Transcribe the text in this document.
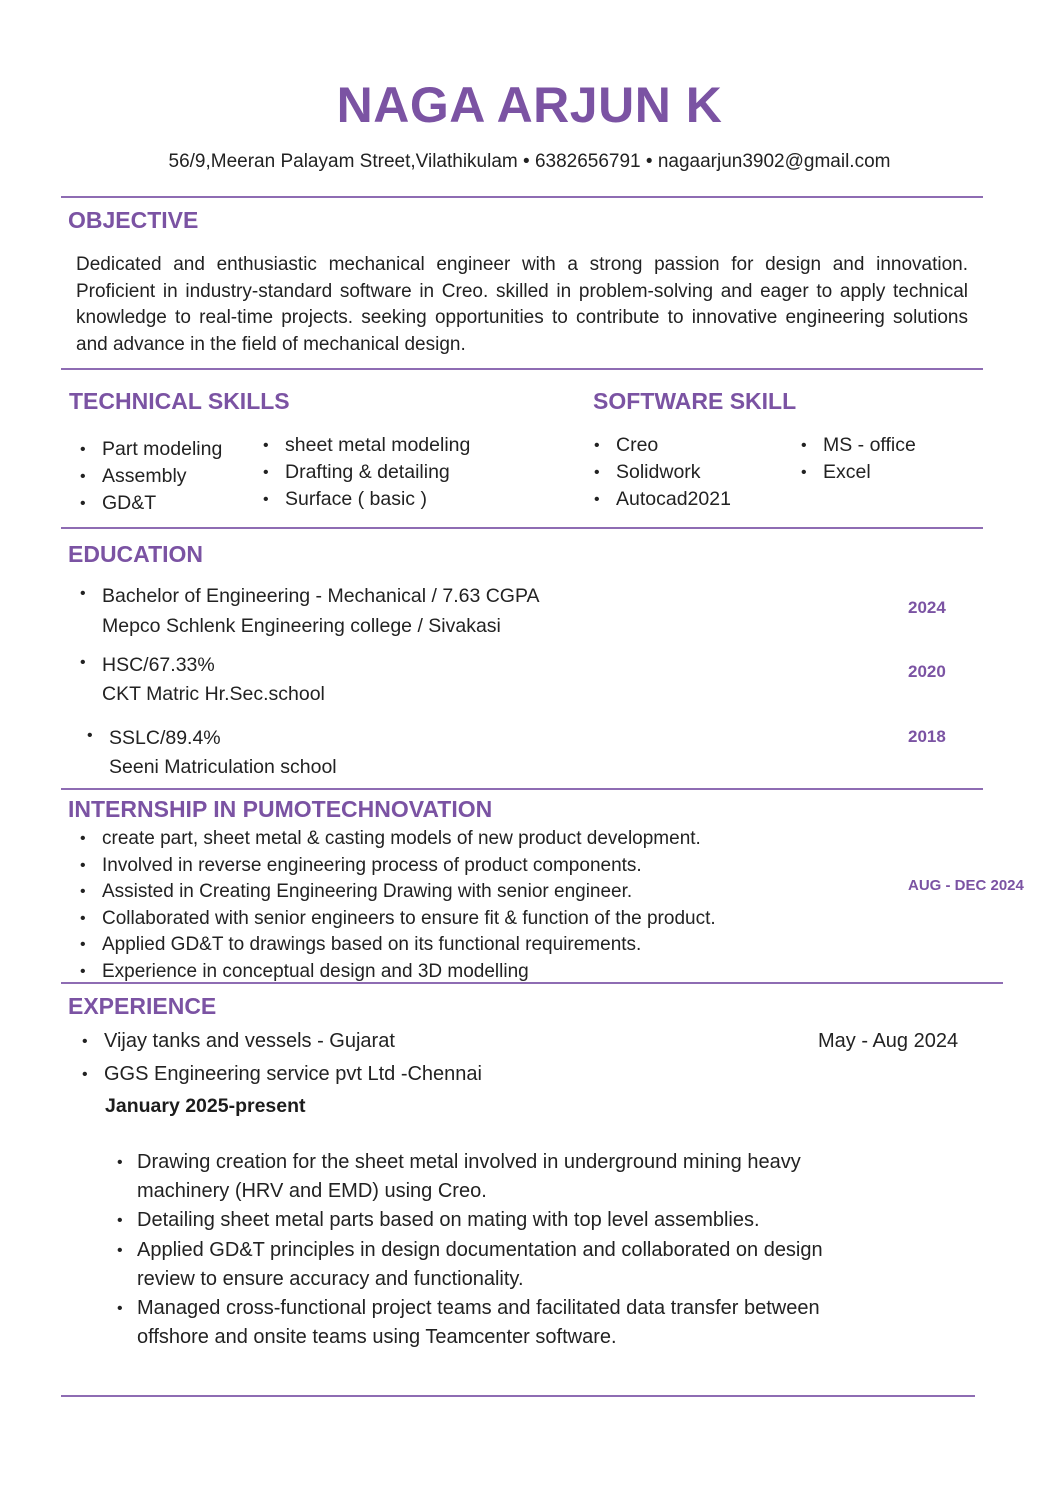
NAGA ARJUN K
56/9,Meeran Palayam Street,Vilathikulam • 6382656791 • nagaarjun3902@gmail.com
OBJECTIVE
Dedicated and enthusiastic mechanical engineer with a strong passion for design and innovation. Proficient in industry-standard software in Creo. skilled in problem-solving and eager to apply technical knowledge to real-time projects. seeking opportunities to contribute to innovative engineering solutions and advance in the field of mechanical design.
TECHNICAL SKILLS
• Part modeling
• Assembly
• GD&T
• sheet metal modeling
• Drafting & detailing
• Surface ( basic )
SOFTWARE SKILL
• Creo
• Solidwork
• Autocad2021
• MS - office
• Excel
EDUCATION
• Bachelor of Engineering - Mechanical / 7.63 CGPA
Mepco Schlenk Engineering college / Sivakasi
2024
• HSC/67.33%
CKT Matric Hr.Sec.school
2020
• SSLC/89.4%
Seeni Matriculation school
2018
INTERNSHIP IN PUMOTECHNOVATION
• create part, sheet metal & casting models of new product development.
• Involved in reverse engineering process of product components.
• Assisted in Creating Engineering Drawing with senior engineer.
• Collaborated with senior engineers to ensure fit & function of the product.
• Applied GD&T to drawings based on its functional requirements.
• Experience in conceptual design and 3D modelling
AUG - DEC 2024
EXPERIENCE
• Vijay tanks and vessels - Gujarat
• GGS Engineering service pvt Ltd -Chennai
May - Aug 2024
January 2025-present
• Drawing creation for the sheet metal involved in underground mining heavy machinery (HRV and EMD) using Creo.
• Detailing sheet metal parts based on mating with top level assemblies.
• Applied GD&T principles in design documentation and collaborated on design review to ensure accuracy and functionality.
• Managed cross-functional project teams and facilitated data transfer between offshore and onsite teams using Teamcenter software.
